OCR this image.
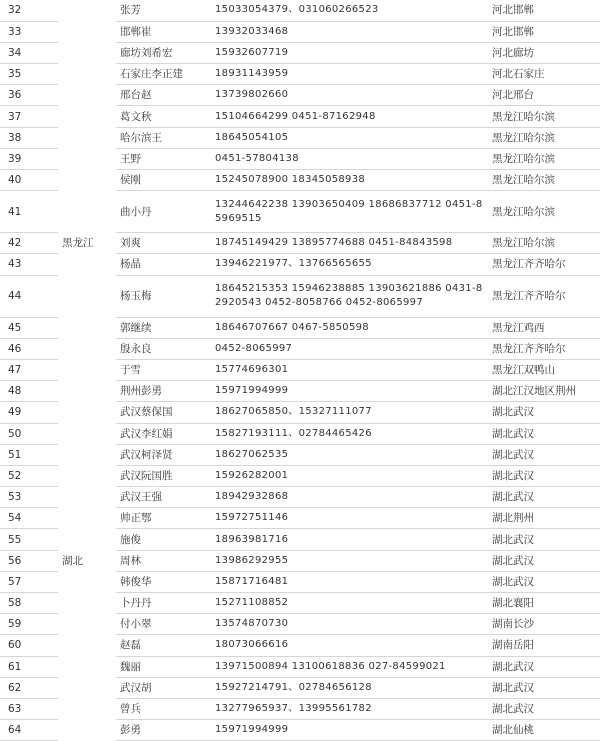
32		张芳	15033054379、031060266523	河北邯郸
33		邯郸崔	13932033468	河北邯郸
34		廊坊刘希宏	15932607719	河北廊坊
35		石家庄李正建	18931143959	河北石家庄
36		邢台赵	13739802660	河北邢台
37		葛文秋	15104664299 0451-87162948	黑龙江哈尔滨
38		哈尔滨王	18645054105	黑龙江哈尔滨
39		王野	0451-57804138	黑龙江哈尔滨
40		侯刚	15245078900 18345058938	黑龙江哈尔滨
41		曲小丹	13244642238 13903650409 18686837712 0451-85969515	黑龙江哈尔滨
42	黑龙江	刘爽	18745149429 13895774688 0451-84843598	黑龙江哈尔滨
43		杨晶	13946221977、13766565655	黑龙江齐齐哈尔
44		杨玉梅	18645215353 15946238885 13903621886 0431-82920543 0452-8058766 0452-8065997	黑龙江齐齐哈尔
45		郭继续	18646707667 0467-5850598	黑龙江鸡西
46		殷永良	0452-8065997	黑龙江齐齐哈尔
47		于雪	15774696301	黑龙江双鸭山
48		荆州彭勇	15971994999	湖北江汉地区荆州
49		武汉蔡保国	18627065850、15327111077	湖北武汉
50		武汉李红娟	15827193111、02784465426	湖北武汉
51		武汉柯泽贤	18627062535	湖北武汉
52		武汉阮国胜	15926282001	湖北武汉
53		武汉王强	18942932868	湖北武汉
54		帅正鄂	15972751146	湖北荆州
55		施俊	18963981716	湖北武汉
56	湖北	周林	13986292955	湖北武汉
57		韩俊华	15871716481	湖北武汉
58		卜丹丹	15271108852	湖北襄阳
59		付小翠	13574870730	湖南长沙
60		赵磊	18073066616	湖南岳阳
61		魏丽	13971500894 13100618836 027-84599021	湖北武汉
62		武汉胡	15927214791、02784656128	湖北武汉
63		曾兵	13277965937、13995561782	湖北武汉
64		彭勇	15971994999	湖北仙桃
